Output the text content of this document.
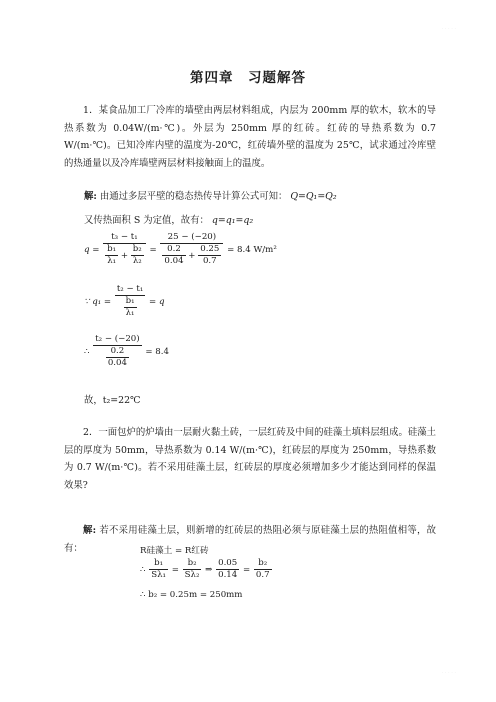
· · · · ·
· · · · ·
第四章　习题解答
1．某食品加工厂冷库的墙壁由两层材料组成，内层为 200mm 厚的软木，软木的导热系数为 0.04W/(m·℃)。外层为 250mm 厚的红砖。红砖的导热系数为 0.7 W/(m·℃)。已知冷库内壁的温度为-20℃，红砖墙外壁的温度为 25℃，试求通过冷库壁的热通量以及冷库墙壁两层材料接触面上的温度。
解: 由通过多层平壁的稳态热传导计算公式可知： Q=Q₁=Q₂
又传热面积 S 为定值，故有： q=q₁=q₂
$q = \frac{\text{t₃ − t₁}}{\frac{\text{b₁}}{\text{λ₁}} + \frac{\text{b₂}}{\text{λ₂}}} = \frac{25 - (-20)}{\frac{0.2}{0.04} + \frac{0.25}{0.7}} = 8.4$ W/m²
∵ $q_1 = \frac{\text{t₂ − t₁}}{\frac{\text{b₁}}{\text{λ₁}}} = q$
∴ $\frac{\text{t₂ − (−20)}}{\frac{0.2}{0.04}} = 8.4$
故，t₂=22℃
2．一面包炉的炉墙由一层耐火黏土砖，一层红砖及中间的硅藻土填料层组成。硅藻土层的厚度为 50mm，导热系数为 0.14 W/(m·℃)，红砖层的厚度为 250mm，导热系数为 0.7 W/(m·℃)。若不采用硅藻土层，红砖层的厚度必须增加多少才能达到同样的保温效果?
解: 若不采用硅藻土层，则新增的红砖层的热阻必须与原硅藻土层的热阻值相等，故有：	R硅藻土 = R红砖
∴ $\frac{\text{b₁}}{\text{Sλ₁}} = \frac{\text{b₂}}{\text{Sλ₂}}$ ⇒ $\frac{0.05}{0.14} = \frac{\text{b₂}}{0.7}$
∴ b₂ = 0.25m = 250mm
